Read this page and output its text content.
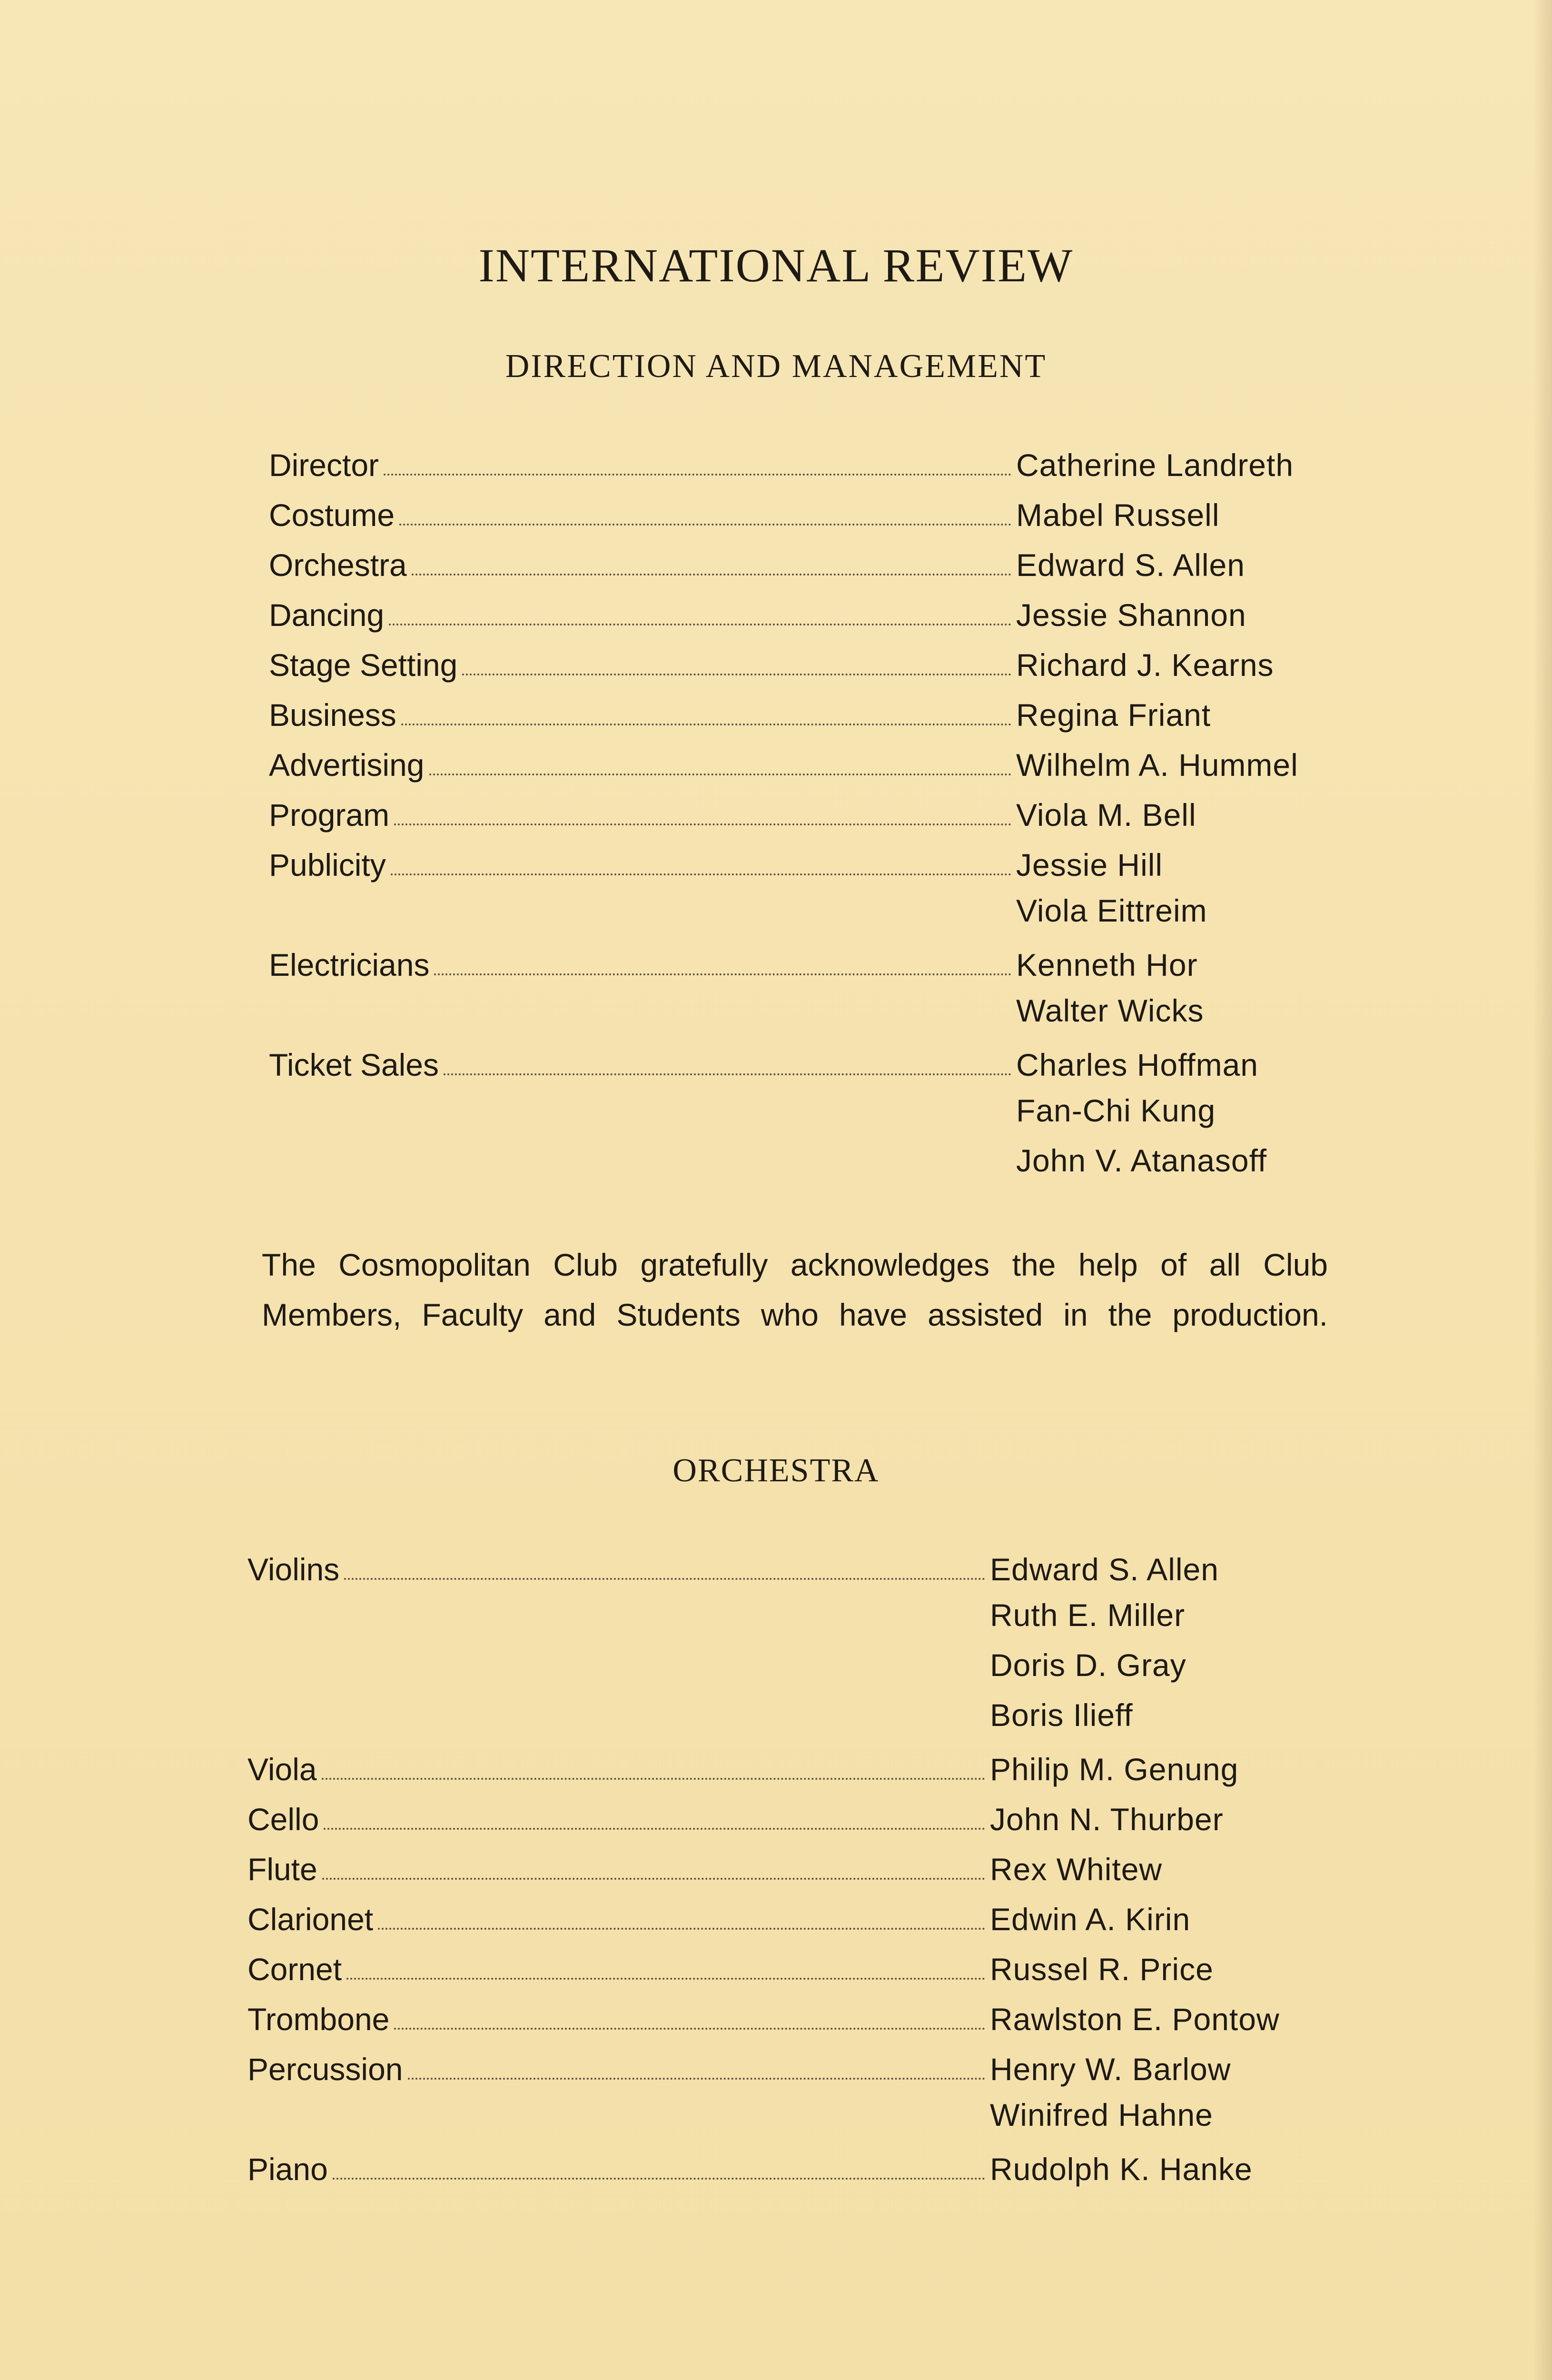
INTERNATIONAL REVIEW
DIRECTION AND MANAGEMENT
Director	Catherine Landreth
Costume	Mabel Russell
Orchestra	Edward S. Allen
Dancing	Jessie Shannon
Stage Setting	Richard J. Kearns
Business	Regina Friant
Advertising	Wilhelm A. Hummel
Program	Viola M. Bell
Publicity	Jessie Hill
Viola Eittreim
Electricians	Kenneth Hor
Walter Wicks
Ticket Sales	Charles Hoffman
Fan-Chi Kung
John V. Atanasoff
The Cosmopolitan Club gratefully acknowledges the help of all Club
Members, Faculty and Students who have assisted in the production.
ORCHESTRA
Violins	Edward S. Allen
Ruth E. Miller
Doris D. Gray
Boris Ilieff
Viola	Philip M. Genung
Cello	John N. Thurber
Flute	Rex Whitew
Clarionet	Edwin A. Kirin
Cornet	Russel R. Price
Trombone	Rawlston E. Pontow
Percussion	Henry W. Barlow
Winifred Hahne
Piano	Rudolph K. Hanke
